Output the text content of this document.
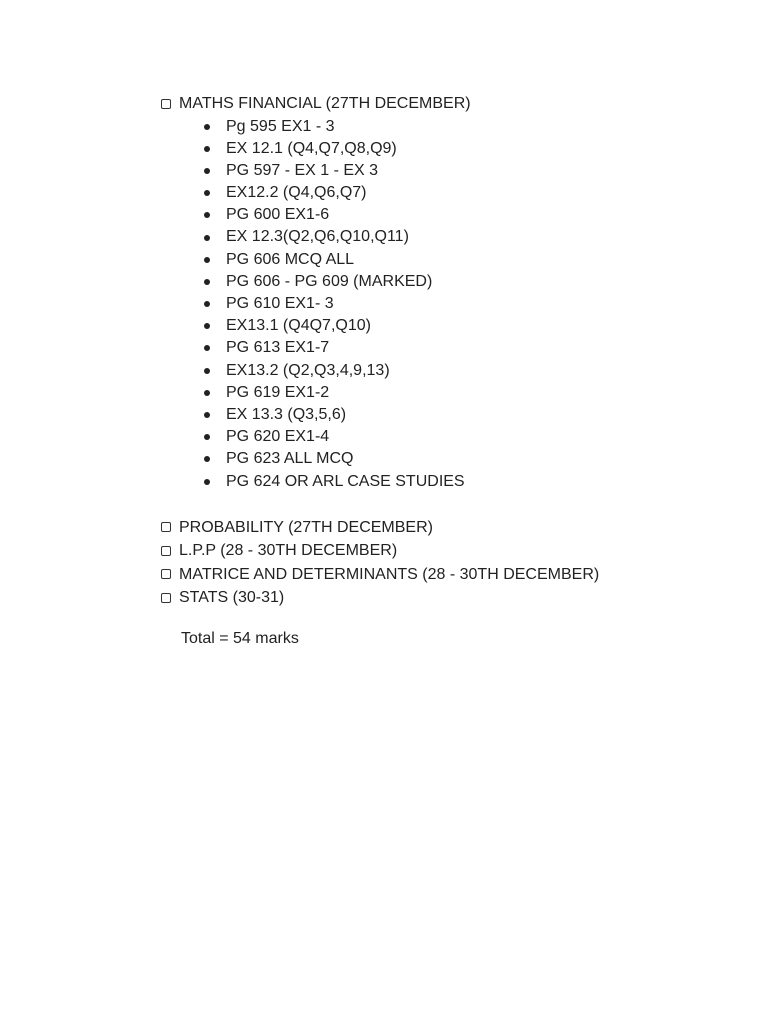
MATHS FINANCIAL (27TH DECEMBER)
Pg 595 EX1 - 3
EX 12.1 (Q4,Q7,Q8,Q9)
PG 597 - EX 1 - EX 3
EX12.2 (Q4,Q6,Q7)
PG 600 EX1-6
EX 12.3(Q2,Q6,Q10,Q11)
PG 606 MCQ ALL
PG 606 - PG 609 (MARKED)
PG 610 EX1- 3
EX13.1 (Q4Q7,Q10)
PG 613 EX1-7
EX13.2 (Q2,Q3,4,9,13)
PG 619 EX1-2
EX 13.3 (Q3,5,6)
PG 620 EX1-4
PG 623 ALL MCQ
PG 624 OR ARL CASE STUDIES
PROBABILITY (27TH DECEMBER)
L.P.P (28 - 30TH DECEMBER)
MATRICE AND DETERMINANTS (28 - 30TH DECEMBER)
STATS (30-31)
Total = 54 marks
